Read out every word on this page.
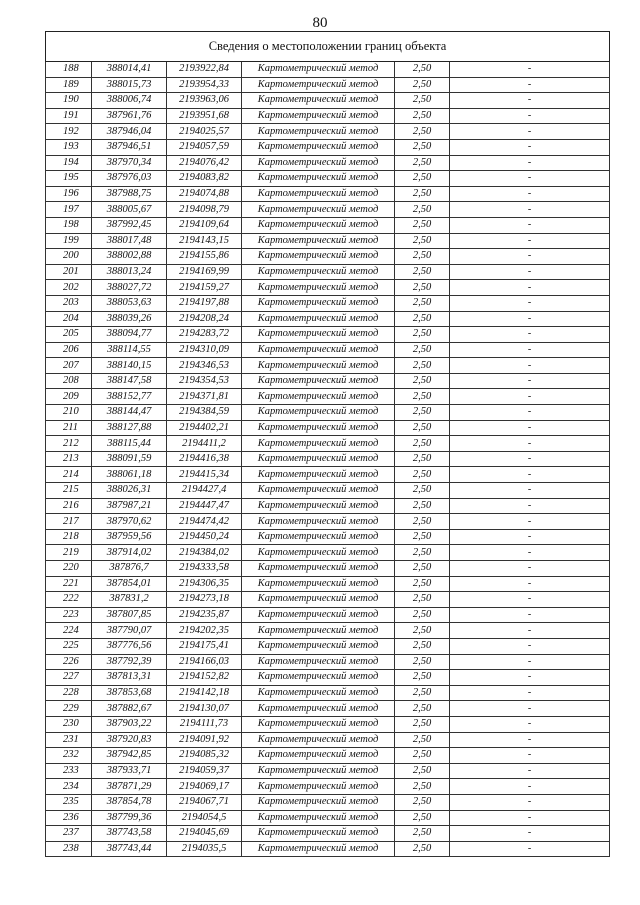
80
Сведения о местоположении границ объекта					
188	388014,41	2193922,84	Картометрический метод	2,50		-
189	388015,73	2193954,33	Картометрический метод	2,50		-
190	388006,74	2193963,06	Картометрический метод	2,50		-
191	387961,76	2193951,68	Картометрический метод	2,50		-
192	387946,04	2194025,57	Картометрический метод	2,50		-
193	387946,51	2194057,59	Картометрический метод	2,50		-
194	387970,34	2194076,42	Картометрический метод	2,50		-
195	387976,03	2194083,82	Картометрический метод	2,50		-
196	387988,75	2194074,88	Картометрический метод	2,50		-
197	388005,67	2194098,79	Картометрический метод	2,50		-
198	387992,45	2194109,64	Картометрический метод	2,50		-
199	388017,48	2194143,15	Картометрический метод	2,50		-
200	388002,88	2194155,86	Картометрический метод	2,50		-
201	388013,24	2194169,99	Картометрический метод	2,50		-
202	388027,72	2194159,27	Картометрический метод	2,50		-
203	388053,63	2194197,88	Картометрический метод	2,50		-
204	388039,26	2194208,24	Картометрический метод	2,50		-
205	388094,77	2194283,72	Картометрический метод	2,50		-
206	388114,55	2194310,09	Картометрический метод	2,50		-
207	388140,15	2194346,53	Картометрический метод	2,50		-
208	388147,58	2194354,53	Картометрический метод	2,50		-
209	388152,77	2194371,81	Картометрический метод	2,50		-
210	388144,47	2194384,59	Картометрический метод	2,50		-
211	388127,88	2194402,21	Картометрический метод	2,50		-
212	388115,44	2194411,2	Картометрический метод	2,50		-
213	388091,59	2194416,38	Картометрический метод	2,50		-
214	388061,18	2194415,34	Картометрический метод	2,50		-
215	388026,31	2194427,4	Картометрический метод	2,50		-
216	387987,21	2194447,47	Картометрический метод	2,50		-
217	387970,62	2194474,42	Картометрический метод	2,50		-
218	387959,56	2194450,24	Картометрический метод	2,50		-
219	387914,02	2194384,02	Картометрический метод	2,50		-
220	387876,7	2194333,58	Картометрический метод	2,50		-
221	387854,01	2194306,35	Картометрический метод	2,50		-
222	387831,2	2194273,18	Картометрический метод	2,50		-
223	387807,85	2194235,87	Картометрический метод	2,50		-
224	387790,07	2194202,35	Картометрический метод	2,50		-
225	387776,56	2194175,41	Картометрический метод	2,50		-
226	387792,39	2194166,03	Картометрический метод	2,50		-
227	387813,31	2194152,82	Картометрический метод	2,50		-
228	387853,68	2194142,18	Картометрический метод	2,50		-
229	387882,67	2194130,07	Картометрический метод	2,50		-
230	387903,22	2194111,73	Картометрический метод	2,50		-
231	387920,83	2194091,92	Картометрический метод	2,50		-
232	387942,85	2194085,32	Картометрический метод	2,50		-
233	387933,71	2194059,37	Картометрический метод	2,50		-
234	387871,29	2194069,17	Картометрический метод	2,50		-
235	387854,78	2194067,71	Картометрический метод	2,50		-
236	387799,36	2194054,5	Картометрический метод	2,50		-
237	387743,58	2194045,69	Картометрический метод	2,50		-
238	387743,44	2194035,5	Картометрический метод	2,50		-
